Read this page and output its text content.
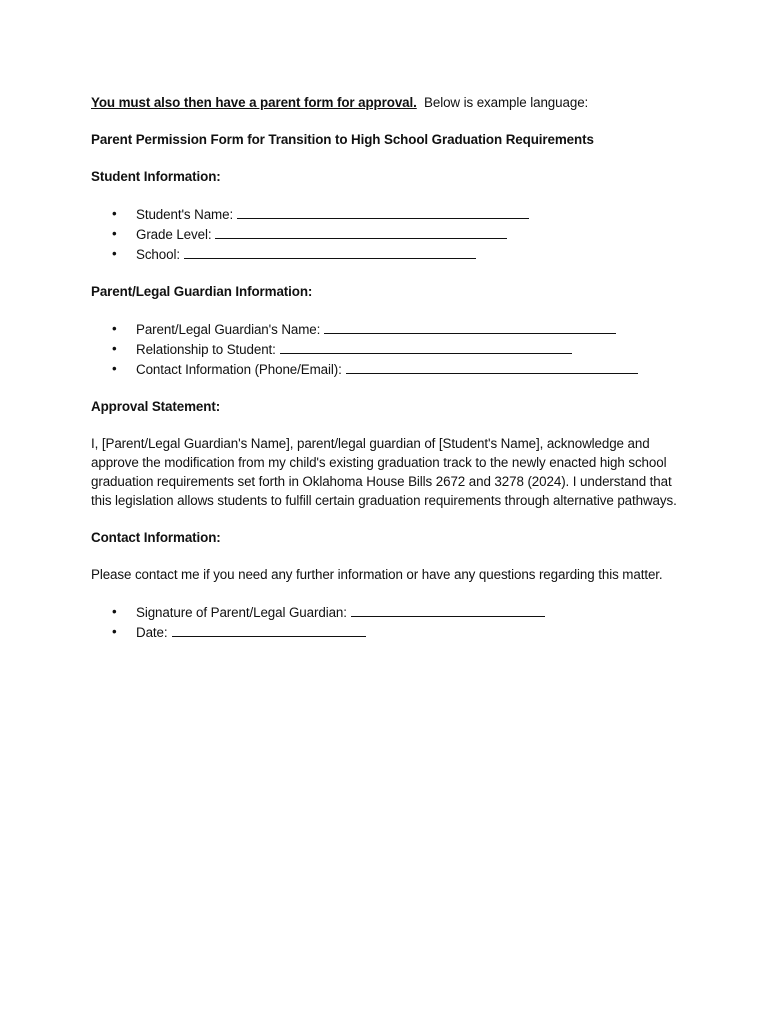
You must also then have a parent form for approval. Below is example language:

Parent Permission Form for Transition to High School Graduation Requirements

Student Information:

• Student's Name:
• Grade Level:
• School:

Parent/Legal Guardian Information:

• Parent/Legal Guardian's Name:
• Relationship to Student:
• Contact Information (Phone/Email):

Approval Statement:

I, [Parent/Legal Guardian's Name], parent/legal guardian of [Student's Name], acknowledge and approve the modification from my child's existing graduation track to the newly enacted high school graduation requirements set forth in Oklahoma House Bills 2672 and 3278 (2024). I understand that this legislation allows students to fulfill certain graduation requirements through alternative pathways.

Contact Information:

Please contact me if you need any further information or have any questions regarding this matter.

• Signature of Parent/Legal Guardian:
• Date:
